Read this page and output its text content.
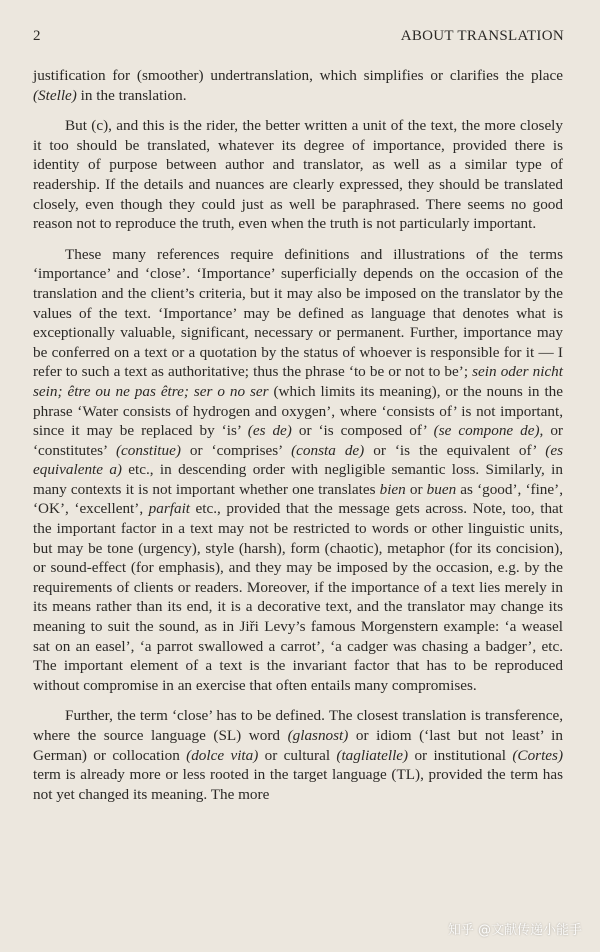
2	ABOUT TRANSLATION

justification for (smoother) undertranslation, which simplifies or clarifies the place (Stelle) in the translation.

But (c), and this is the rider, the better written a unit of the text, the more closely it too should be translated, whatever its degree of importance, provided there is identity of purpose between author and translator, as well as a similar type of readership. If the details and nuances are clearly expressed, they should be translated closely, even though they could just as well be paraphrased. There seems no good reason not to reproduce the truth, even when the truth is not particularly important.

These many references require definitions and illustrations of the terms ‘importance’ and ‘close’. ‘Importance’ superficially depends on the occasion of the translation and the client’s criteria, but it may also be imposed on the translator by the values of the text. ‘Importance’ may be defined as language that denotes what is exceptionally valuable, significant, necessary or permanent. Further, importance may be conferred on a text or a quotation by the status of whoever is responsible for it — I refer to such a text as authoritative; thus the phrase ‘to be or not to be’; sein oder nicht sein; être ou ne pas être; ser o no ser (which limits its meaning), or the nouns in the phrase ‘Water consists of hydrogen and oxygen’, where ‘consists of’ is not important, since it may be replaced by ‘is’ (es de) or ‘is composed of’ (se compone de), or ‘constitutes’ (constitue) or ‘comprises’ (consta de) or ‘is the equivalent of’ (es equivalente a) etc., in descending order with negligible semantic loss. Similarly, in many contexts it is not important whether one translates bien or buen as ‘good’, ‘fine’, ‘OK’, ‘excellent’, parfait etc., provided that the message gets across. Note, too, that the important factor in a text may not be restricted to words or other linguistic units, but may be tone (urgency), style (harsh), form (chaotic), metaphor (for its concision), or sound-effect (for emphasis), and they may be imposed by the occasion, e.g. by the requirements of clients or readers. Moreover, if the importance of a text lies merely in its means rather than its end, it is a decorative text, and the translator may change its meaning to suit the sound, as in Jiři Levy’s famous Morgenstern example: ‘a weasel sat on an easel’, ‘a parrot swallowed a carrot’, ‘a cadger was chasing a badger’, etc. The important element of a text is the invariant factor that has to be reproduced without compromise in an exercise that often entails many compromises.

Further, the term ‘close’ has to be defined. The closest translation is transference, where the source language (SL) word (glasnost) or idiom (‘last but not least’ in German) or collocation (dolce vita) or cultural (tagliatelle) or institutional (Cortes) term is already more or less rooted in the target language (TL), provided the term has not yet changed its meaning. The more

知乎 @文献传递小能手
